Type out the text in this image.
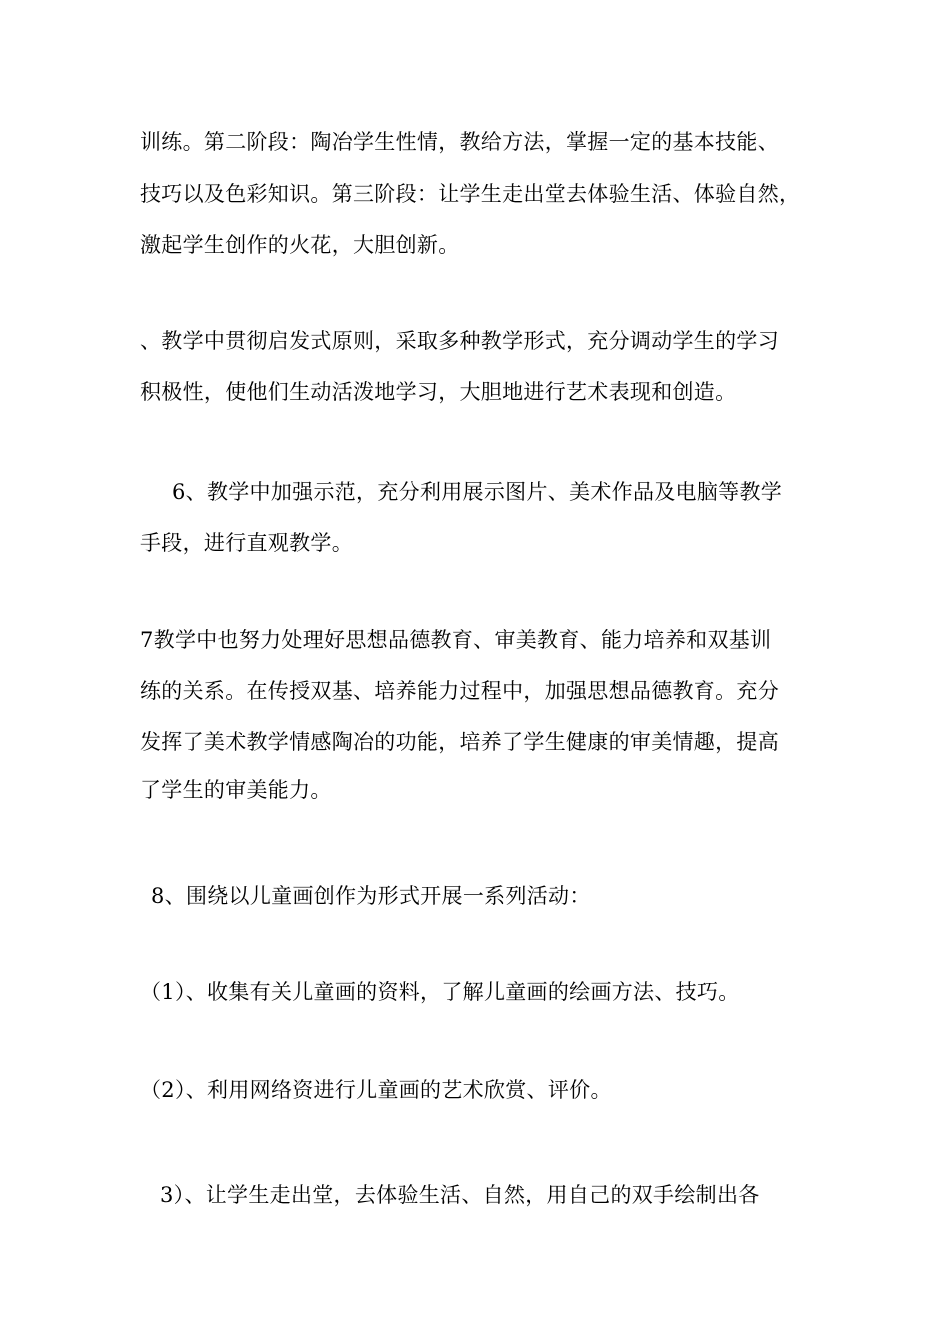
训练。第二阶段：陶冶学生性情，教给方法，掌握一定的基本技能、
技巧以及色彩知识。第三阶段：让学生走出堂去体验生活、体验自然，
激起学生创作的火花，大胆创新。
、教学中贯彻启发式原则，采取多种教学形式，充分调动学生的学习
积极性，使他们生动活泼地学习，大胆地进行艺术表现和创造。
6、教学中加强示范，充分利用展示图片、美术作品及电脑等教学
手段，进行直观教学。
7教学中也努力处理好思想品德教育、审美教育、能力培养和双基训
练的关系。在传授双基、培养能力过程中，加强思想品德教育。充分
发挥了美术教学情感陶冶的功能，培养了学生健康的审美情趣，提高
了学生的审美能力。
8、围绕以儿童画创作为形式开展一系列活动：
（1）、收集有关儿童画的资料，了解儿童画的绘画方法、技巧。
（2）、利用网络资进行儿童画的艺术欣赏、评价。
3）、让学生走出堂，去体验生活、自然，用自己的双手绘制出各
